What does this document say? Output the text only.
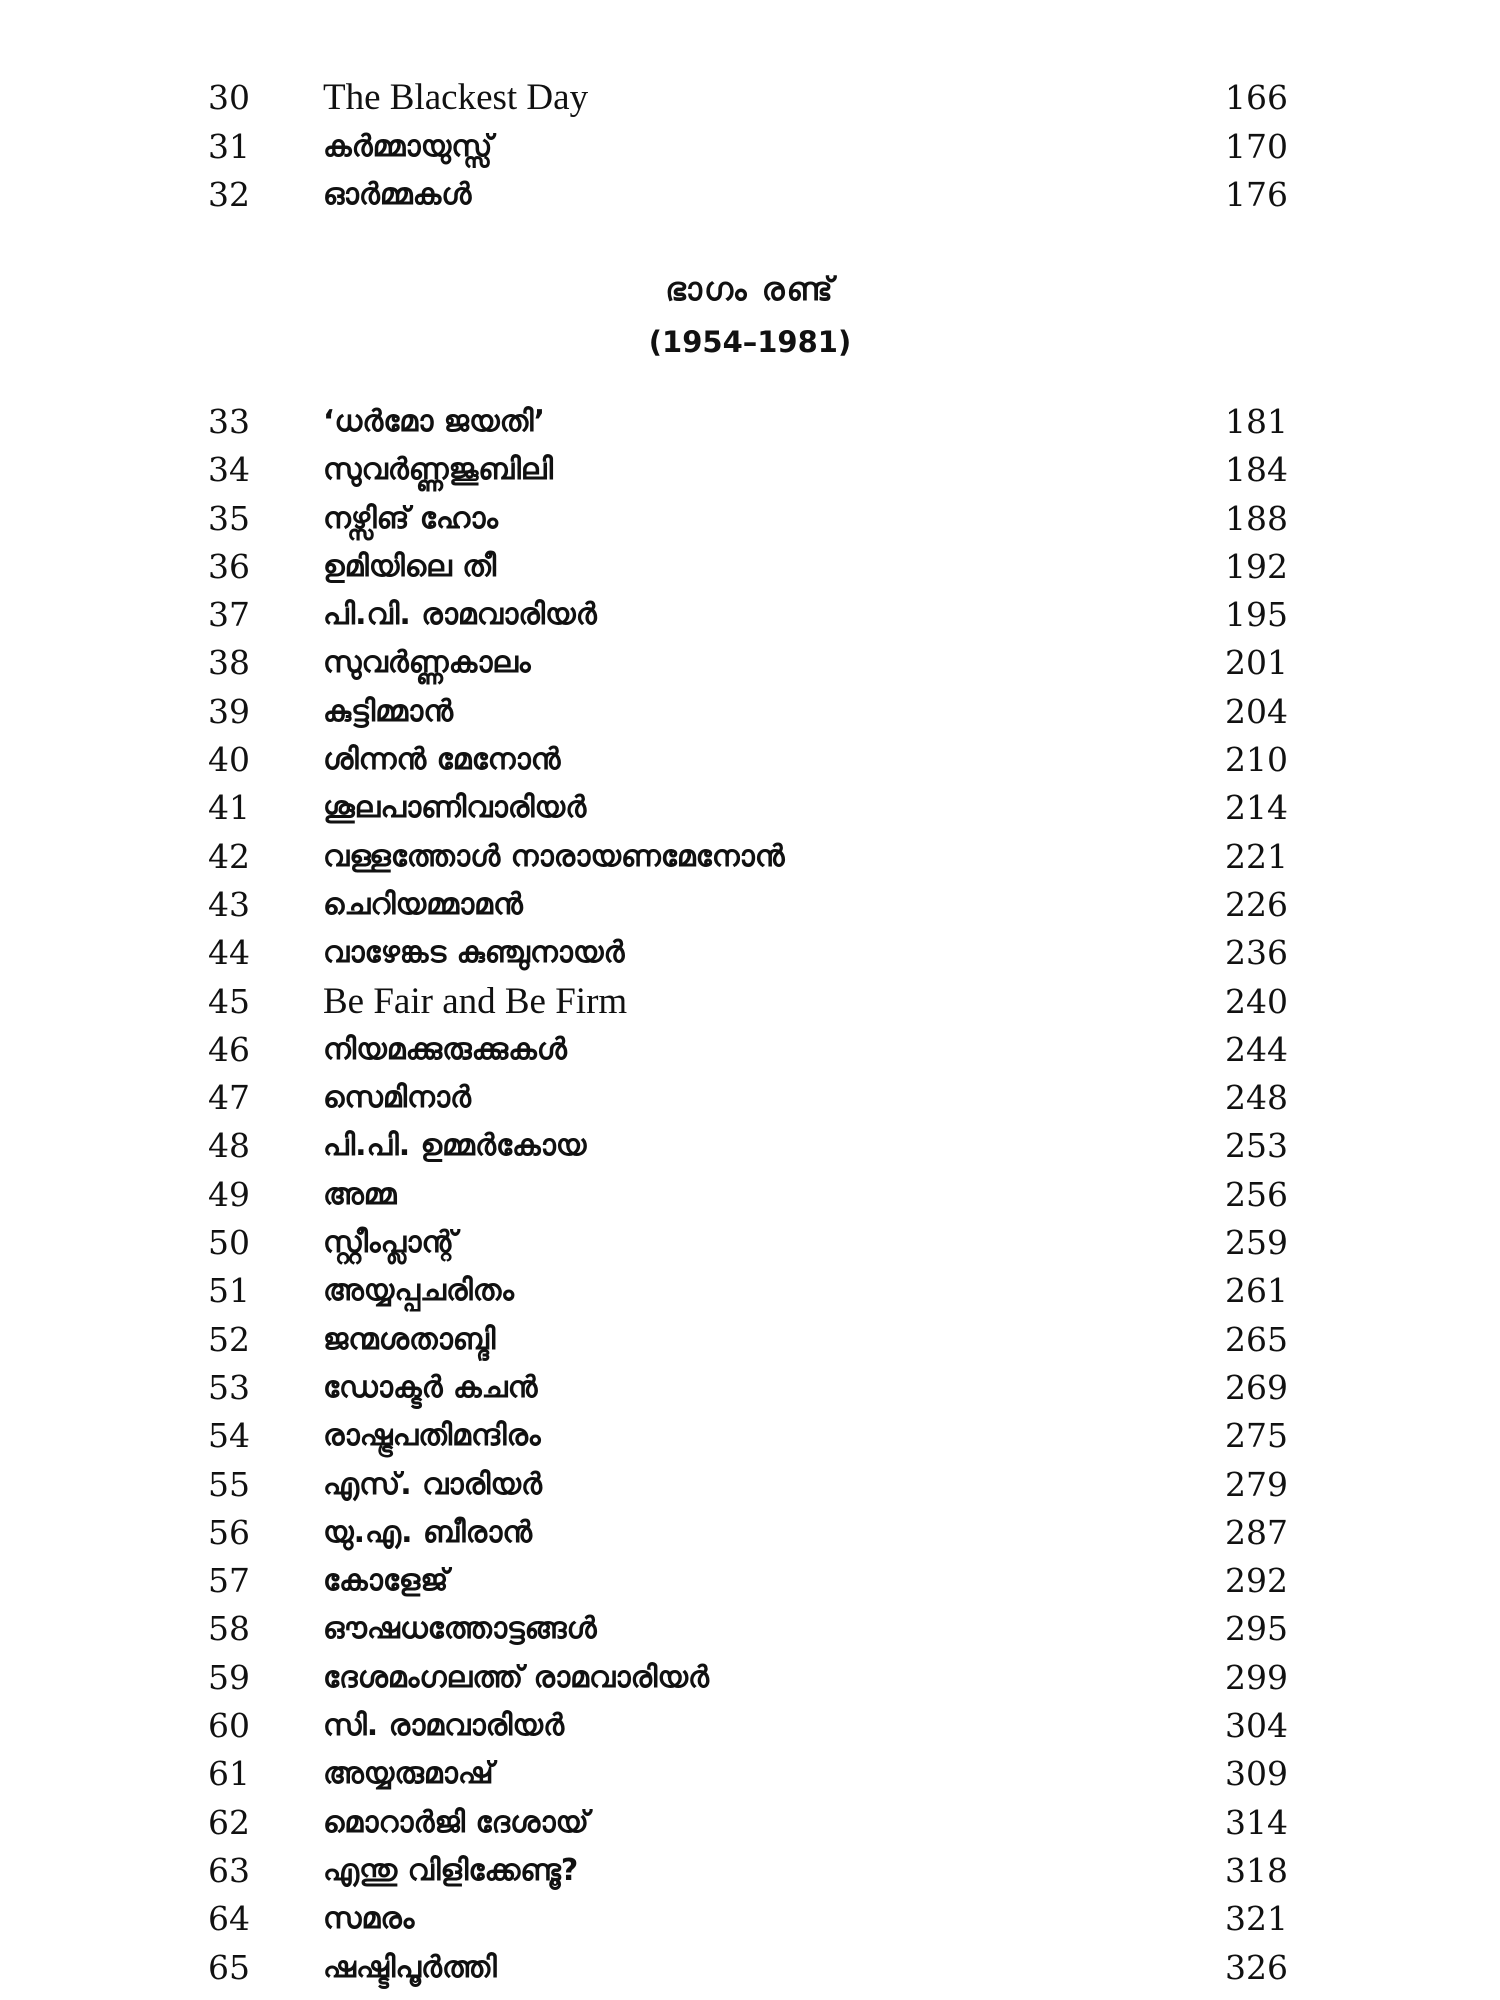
30	The Blackest Day	166
31	കർമ്മായുസ്സ്	170
32	ഓർമ്മകൾ	176
ഭാഗം രണ്ട്
(1954–1981)
33	‘ധർമോ ജയതി’	181
34	സുവർണ്ണജൂബിലി	184
35	നഴ്സിങ് ഹോം	188
36	ഉമിയിലെ തീ	192
37	പി.വി. രാമവാരിയർ	195
38	സുവർണ്ണകാലം	201
39	കുട്ടിമ്മാൻ	204
40	ശിന്നൻ മേനോൻ	210
41	ശൂലപാണിവാരിയർ	214
42	വള്ളത്തോൾ നാരായണമേനോൻ	221
43	ചെറിയമ്മാമൻ	226
44	വാഴേങ്കട കുഞ്ചുനായർ	236
45	Be Fair and Be Firm	240
46	നിയമക്കുരുക്കുകൾ	244
47	സെമിനാർ	248
48	പി.പി. ഉമ്മർകോയ	253
49	അമ്മ	256
50	സ്റ്റീംപ്ലാന്റ്	259
51	അയ്യപ്പചരിതം	261
52	ജന്മശതാബ്ദി	265
53	ഡോക്ടർ കചൻ	269
54	രാഷ്ട്രപതിമന്ദിരം	275
55	എസ്. വാരിയർ	279
56	യു.എ. ബീരാൻ	287
57	കോളേജ്	292
58	ഔഷധത്തോട്ടങ്ങൾ	295
59	ദേശമംഗലത്ത് രാമവാരിയർ	299
60	സി. രാമവാരിയർ	304
61	അയ്യരുമാഷ്	309
62	മൊറാർജി ദേശായ്	314
63	എന്തു വിളിക്കേണ്ടൂ?	318
64	സമരം	321
65	ഷഷ്ടിപൂർത്തി	326
